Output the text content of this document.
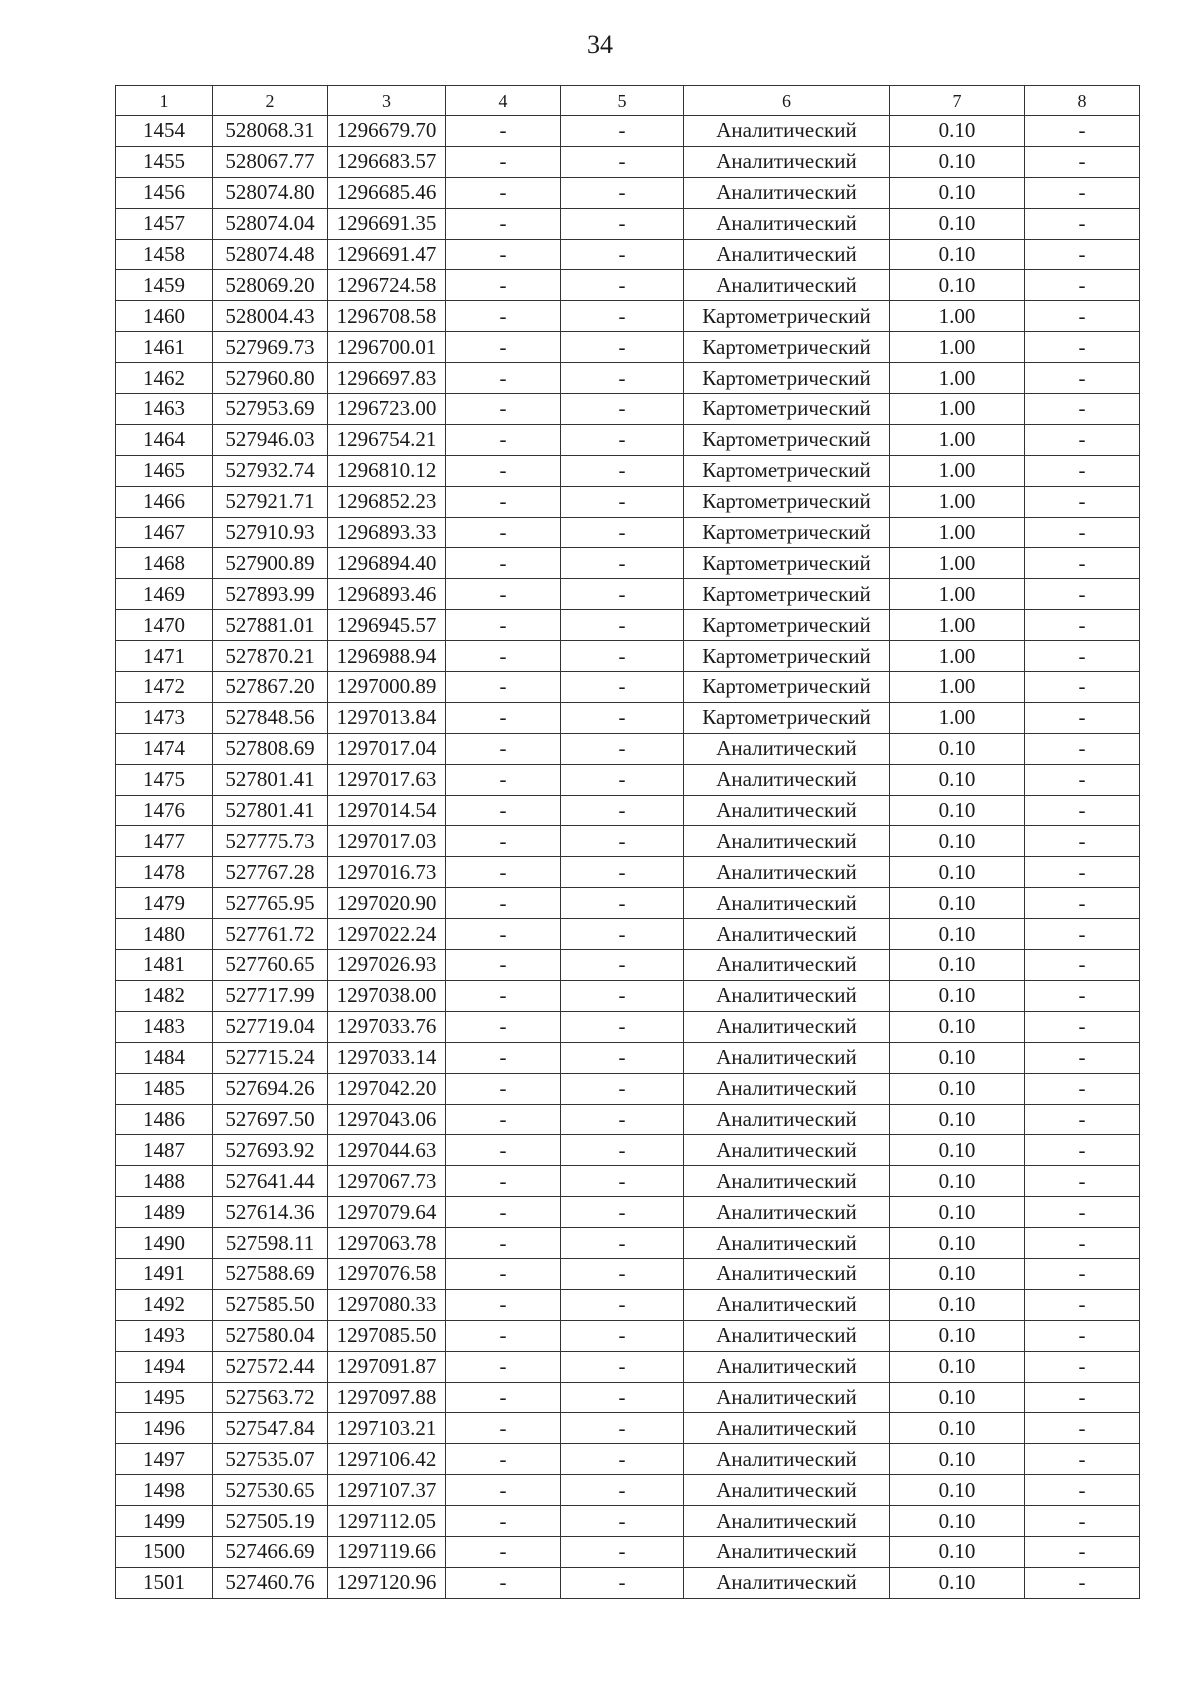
34
1	2	3	4	5	6	7	8
1454	528068.31	1296679.70	-	-	Аналитический	0.10	-
1455	528067.77	1296683.57	-	-	Аналитический	0.10	-
1456	528074.80	1296685.46	-	-	Аналитический	0.10	-
1457	528074.04	1296691.35	-	-	Аналитический	0.10	-
1458	528074.48	1296691.47	-	-	Аналитический	0.10	-
1459	528069.20	1296724.58	-	-	Аналитический	0.10	-
1460	528004.43	1296708.58	-	-	Картометрический	1.00	-
1461	527969.73	1296700.01	-	-	Картометрический	1.00	-
1462	527960.80	1296697.83	-	-	Картометрический	1.00	-
1463	527953.69	1296723.00	-	-	Картометрический	1.00	-
1464	527946.03	1296754.21	-	-	Картометрический	1.00	-
1465	527932.74	1296810.12	-	-	Картометрический	1.00	-
1466	527921.71	1296852.23	-	-	Картометрический	1.00	-
1467	527910.93	1296893.33	-	-	Картометрический	1.00	-
1468	527900.89	1296894.40	-	-	Картометрический	1.00	-
1469	527893.99	1296893.46	-	-	Картометрический	1.00	-
1470	527881.01	1296945.57	-	-	Картометрический	1.00	-
1471	527870.21	1296988.94	-	-	Картометрический	1.00	-
1472	527867.20	1297000.89	-	-	Картометрический	1.00	-
1473	527848.56	1297013.84	-	-	Картометрический	1.00	-
1474	527808.69	1297017.04	-	-	Аналитический	0.10	-
1475	527801.41	1297017.63	-	-	Аналитический	0.10	-
1476	527801.41	1297014.54	-	-	Аналитический	0.10	-
1477	527775.73	1297017.03	-	-	Аналитический	0.10	-
1478	527767.28	1297016.73	-	-	Аналитический	0.10	-
1479	527765.95	1297020.90	-	-	Аналитический	0.10	-
1480	527761.72	1297022.24	-	-	Аналитический	0.10	-
1481	527760.65	1297026.93	-	-	Аналитический	0.10	-
1482	527717.99	1297038.00	-	-	Аналитический	0.10	-
1483	527719.04	1297033.76	-	-	Аналитический	0.10	-
1484	527715.24	1297033.14	-	-	Аналитический	0.10	-
1485	527694.26	1297042.20	-	-	Аналитический	0.10	-
1486	527697.50	1297043.06	-	-	Аналитический	0.10	-
1487	527693.92	1297044.63	-	-	Аналитический	0.10	-
1488	527641.44	1297067.73	-	-	Аналитический	0.10	-
1489	527614.36	1297079.64	-	-	Аналитический	0.10	-
1490	527598.11	1297063.78	-	-	Аналитический	0.10	-
1491	527588.69	1297076.58	-	-	Аналитический	0.10	-
1492	527585.50	1297080.33	-	-	Аналитический	0.10	-
1493	527580.04	1297085.50	-	-	Аналитический	0.10	-
1494	527572.44	1297091.87	-	-	Аналитический	0.10	-
1495	527563.72	1297097.88	-	-	Аналитический	0.10	-
1496	527547.84	1297103.21	-	-	Аналитический	0.10	-
1497	527535.07	1297106.42	-	-	Аналитический	0.10	-
1498	527530.65	1297107.37	-	-	Аналитический	0.10	-
1499	527505.19	1297112.05	-	-	Аналитический	0.10	-
1500	527466.69	1297119.66	-	-	Аналитический	0.10	-
1501	527460.76	1297120.96	-	-	Аналитический	0.10	-
